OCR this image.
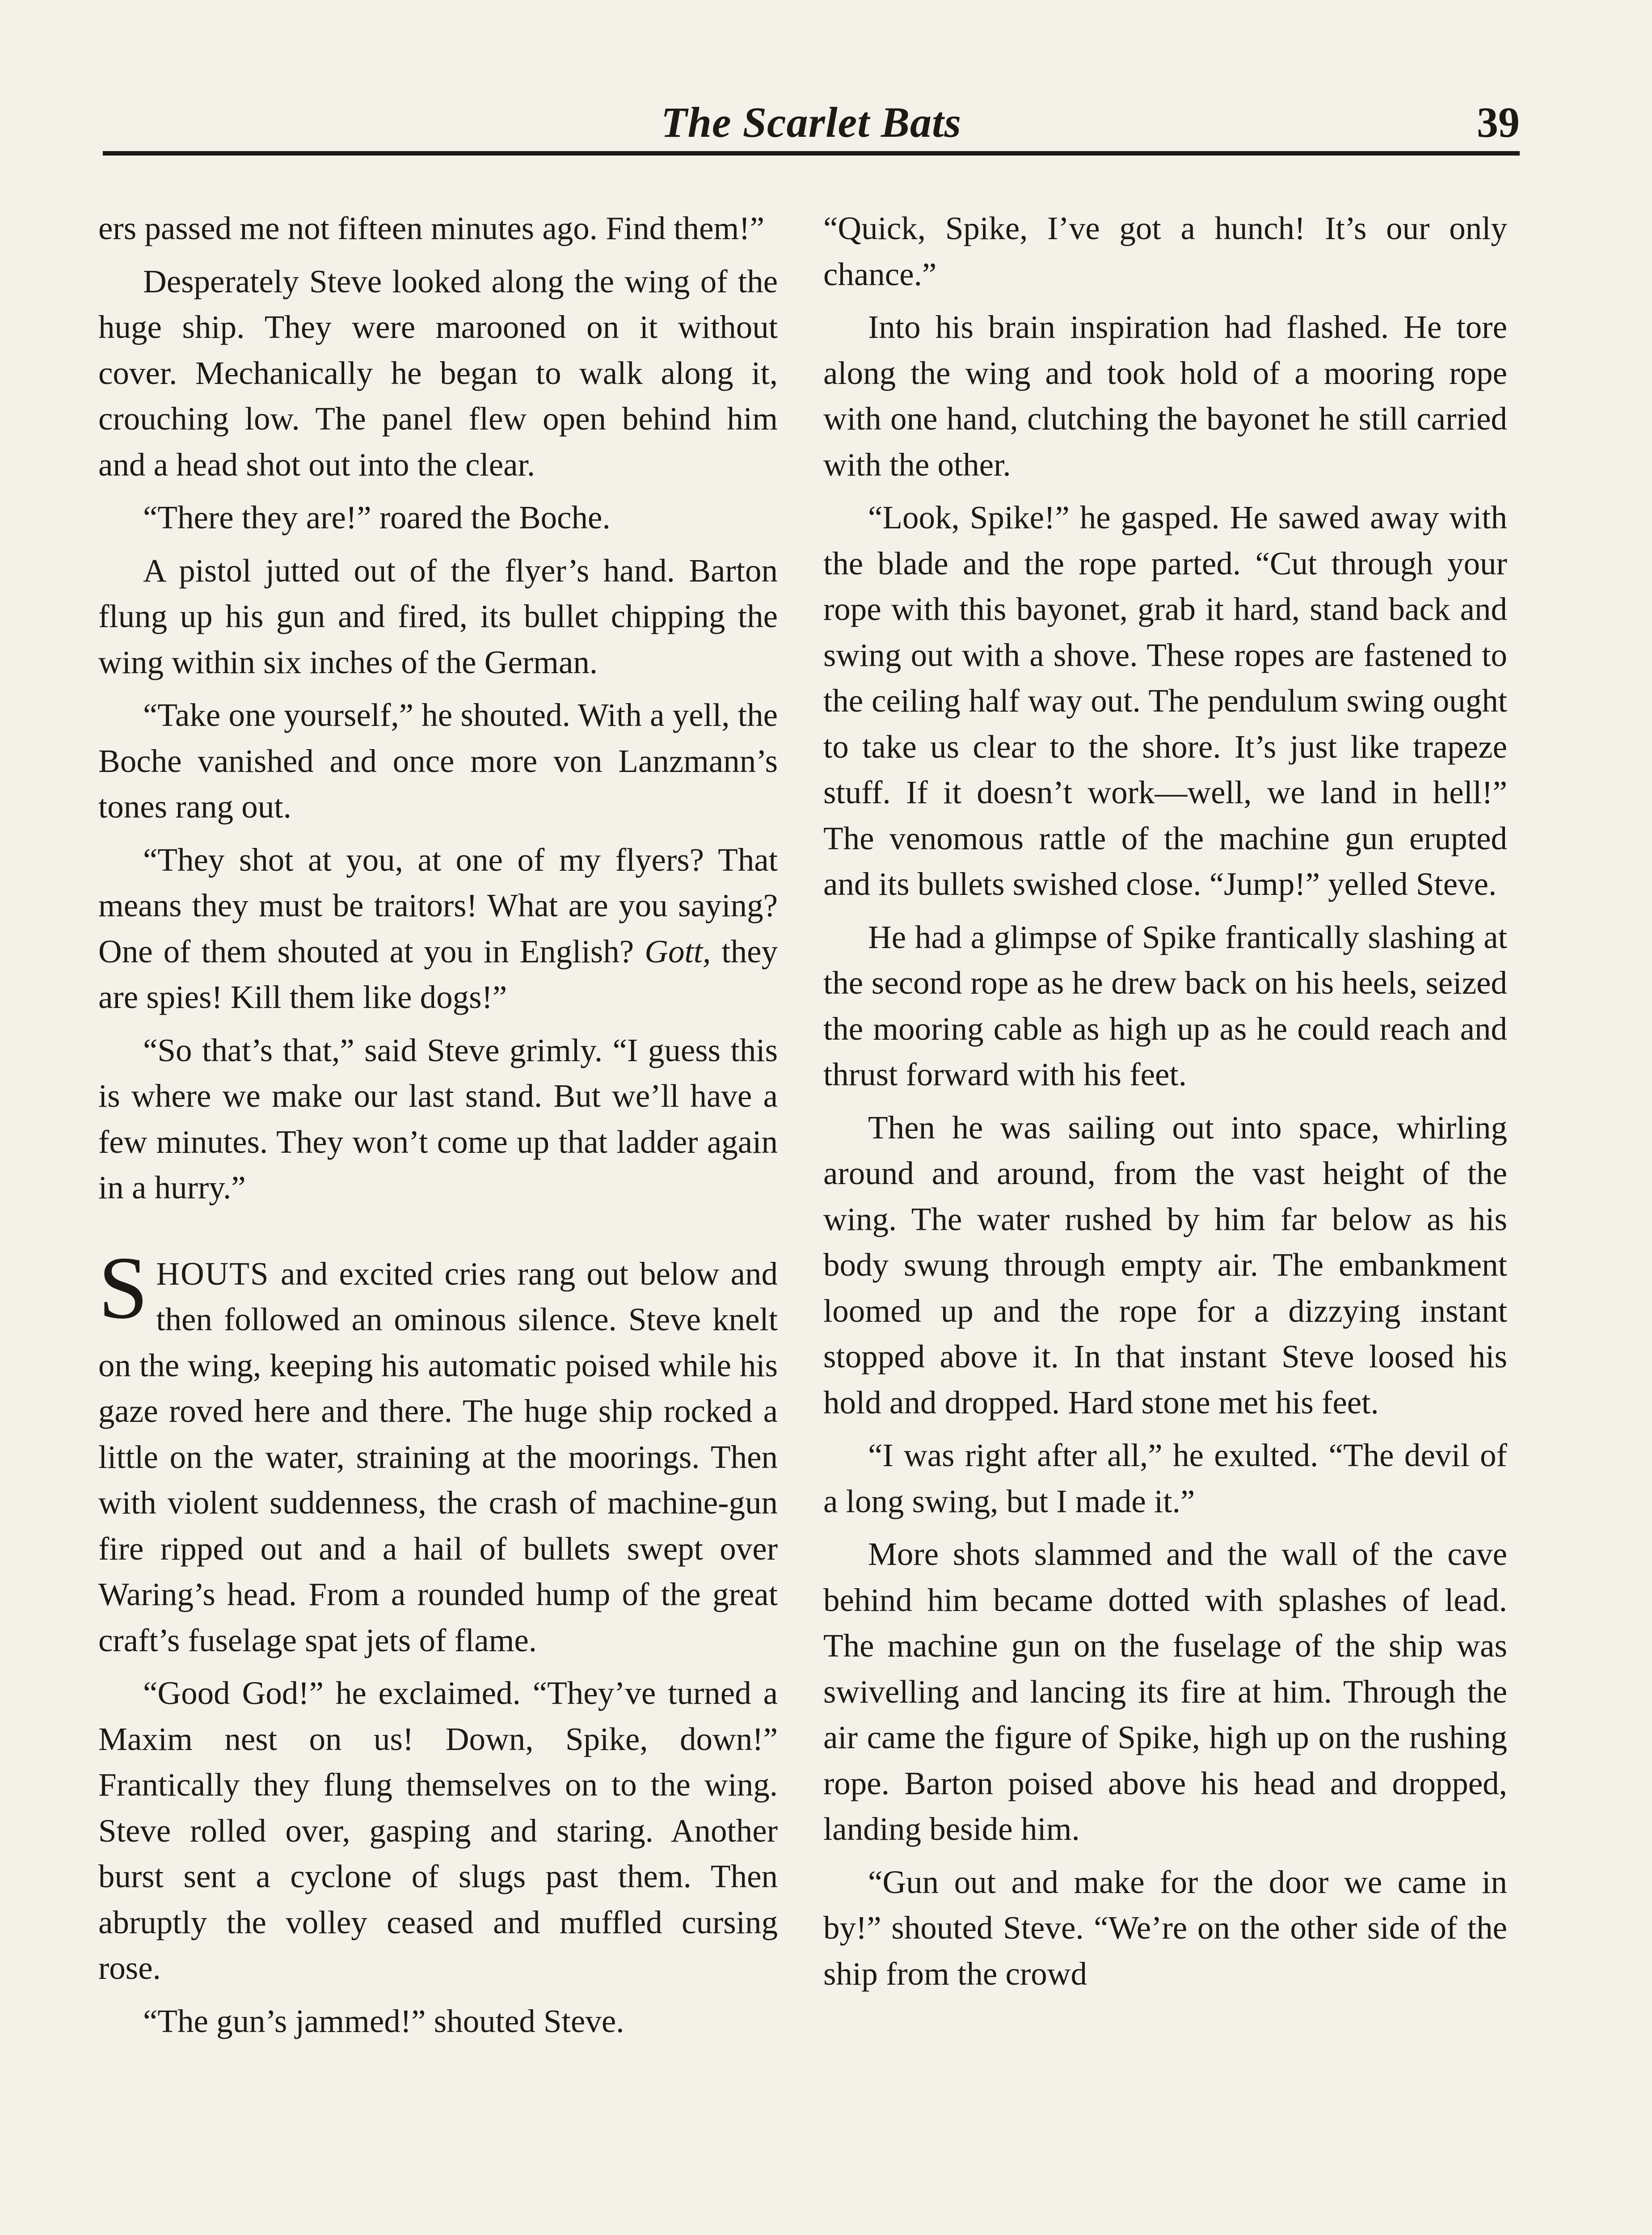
The Scarlet Bats	39

ers passed me not fifteen minutes ago. Find them!”

Desperately Steve looked along the wing of the huge ship. They were marooned on it without cover. Mechanically he began to walk along it, crouching low. The panel flew open behind him and a head shot out into the clear.

“There they are!” roared the Boche.

A pistol jutted out of the flyer’s hand. Barton flung up his gun and fired, its bullet chipping the wing within six inches of the German.

“Take one yourself,” he shouted. With a yell, the Boche vanished and once more von Lanzmann’s tones rang out.

“They shot at you, at one of my flyers? That means they must be traitors! What are you saying? One of them shouted at you in English? Gott, they are spies! Kill them like dogs!”

“So that’s that,” said Steve grimly. “I guess this is where we make our last stand. But we’ll have a few minutes. They won’t come up that ladder again in a hurry.”

SHOUTS and excited cries rang out below and then followed an ominous silence. Steve knelt on the wing, keeping his automatic poised while his gaze roved here and there. The huge ship rocked a little on the water, straining at the moorings. Then with violent suddenness, the crash of machine-gun fire ripped out and a hail of bullets swept over Waring’s head. From a rounded hump of the great craft’s fuselage spat jets of flame.

“Good God!” he exclaimed. “They’ve turned a Maxim nest on us! Down, Spike, down!” Frantically they flung themselves on to the wing. Steve rolled over, gasping and staring. Another burst sent a cyclone of slugs past them. Then abruptly the volley ceased and muffled cursing rose.

“The gun’s jammed!” shouted Steve.

“Quick, Spike, I’ve got a hunch! It’s our only chance.”

Into his brain inspiration had flashed. He tore along the wing and took hold of a mooring rope with one hand, clutching the bayonet he still carried with the other.

“Look, Spike!” he gasped. He sawed away with the blade and the rope parted. “Cut through your rope with this bayonet, grab it hard, stand back and swing out with a shove. These ropes are fastened to the ceiling half way out. The pendulum swing ought to take us clear to the shore. It’s just like trapeze stuff. If it doesn’t work—well, we land in hell!” The venomous rattle of the machine gun erupted and its bullets swished close. “Jump!” yelled Steve.

He had a glimpse of Spike frantically slashing at the second rope as he drew back on his heels, seized the mooring cable as high up as he could reach and thrust forward with his feet.

Then he was sailing out into space, whirling around and around, from the vast height of the wing. The water rushed by him far below as his body swung through empty air. The embankment loomed up and the rope for a dizzying instant stopped above it. In that instant Steve loosed his hold and dropped. Hard stone met his feet.

“I was right after all,” he exulted. “The devil of a long swing, but I made it.”

More shots slammed and the wall of the cave behind him became dotted with splashes of lead. The machine gun on the fuselage of the ship was swivelling and lancing its fire at him. Through the air came the figure of Spike, high up on the rushing rope. Barton poised above his head and dropped, landing beside him.

“Gun out and make for the door we came in by!” shouted Steve. “We’re on the other side of the ship from the crowd
